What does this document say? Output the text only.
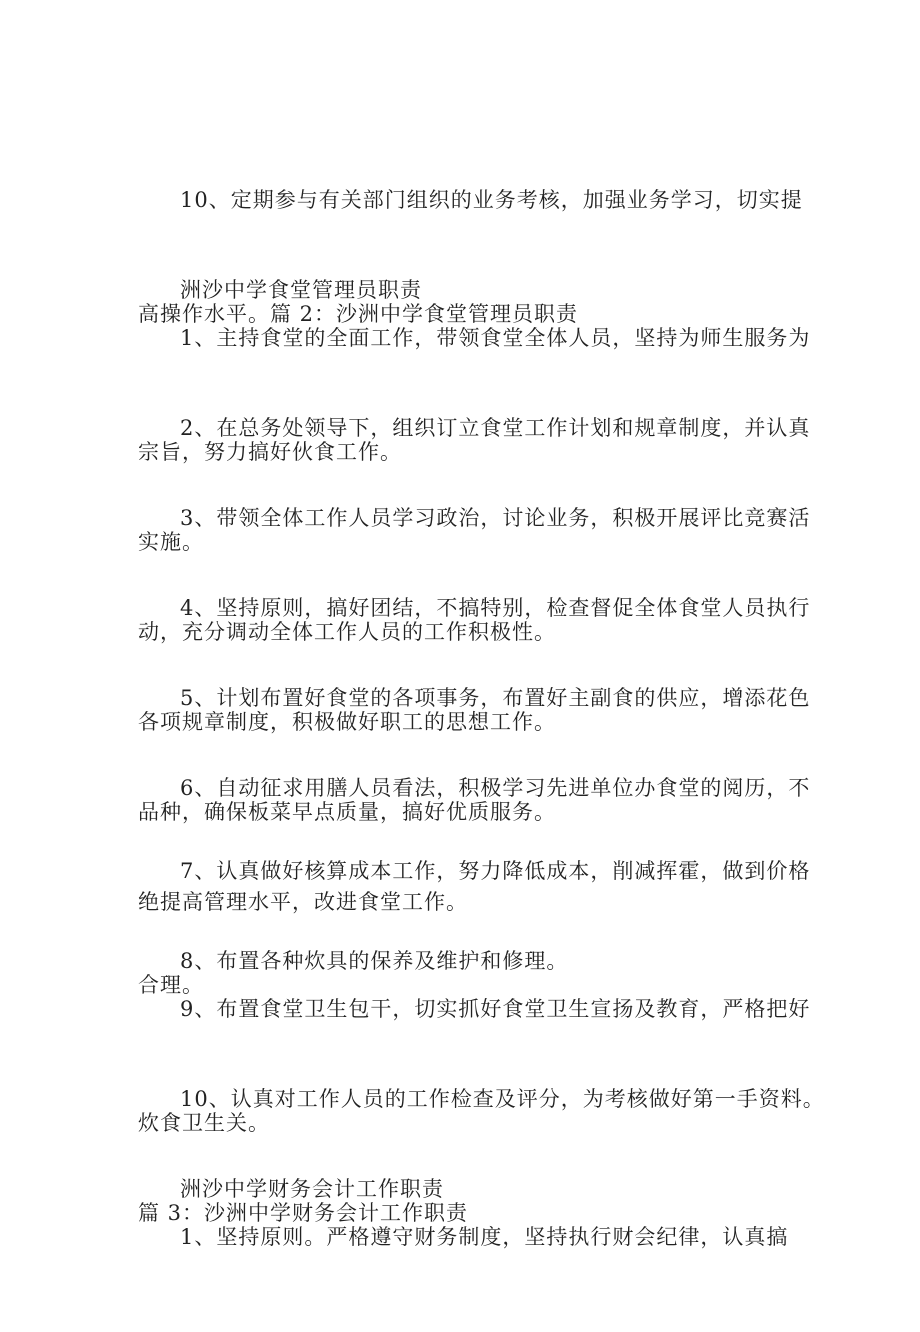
10、定期参与有关部门组织的业务考核，加强业务学习，切实提

高操作水平。篇 2：沙洲中学食堂管理员职责

洲沙中学食堂管理员职责

1、主持食堂的全面工作，带领食堂全体人员，坚持为师生服务为

宗旨，努力搞好伙食工作。

2、在总务处领导下，组织订立食堂工作计划和规章制度，并认真

实施。

3、带领全体工作人员学习政治，讨论业务，积极开展评比竞赛活

动，充分调动全体工作人员的工作积极性。

4、坚持原则，搞好团结，不搞特别，检查督促全体食堂人员执行

各项规章制度，积极做好职工的思想工作。

5、计划布置好食堂的各项事务，布置好主副食的供应，增添花色

品种，确保板菜早点质量，搞好优质服务。

6、自动征求用膳人员看法，积极学习先进单位办食堂的阅历，不

绝提高管理水平，改进食堂工作。

7、认真做好核算成本工作，努力降低成本，削减挥霍，做到价格

合理。

8、布置各种炊具的保养及维护和修理。

9、布置食堂卫生包干，切实抓好食堂卫生宣扬及教育，严格把好

炊食卫生关。

10、认真对工作人员的工作检查及评分，为考核做好第一手资料。

篇 3：沙洲中学财务会计工作职责

洲沙中学财务会计工作职责

1、坚持原则。严格遵守财务制度，坚持执行财会纪律，认真搞
